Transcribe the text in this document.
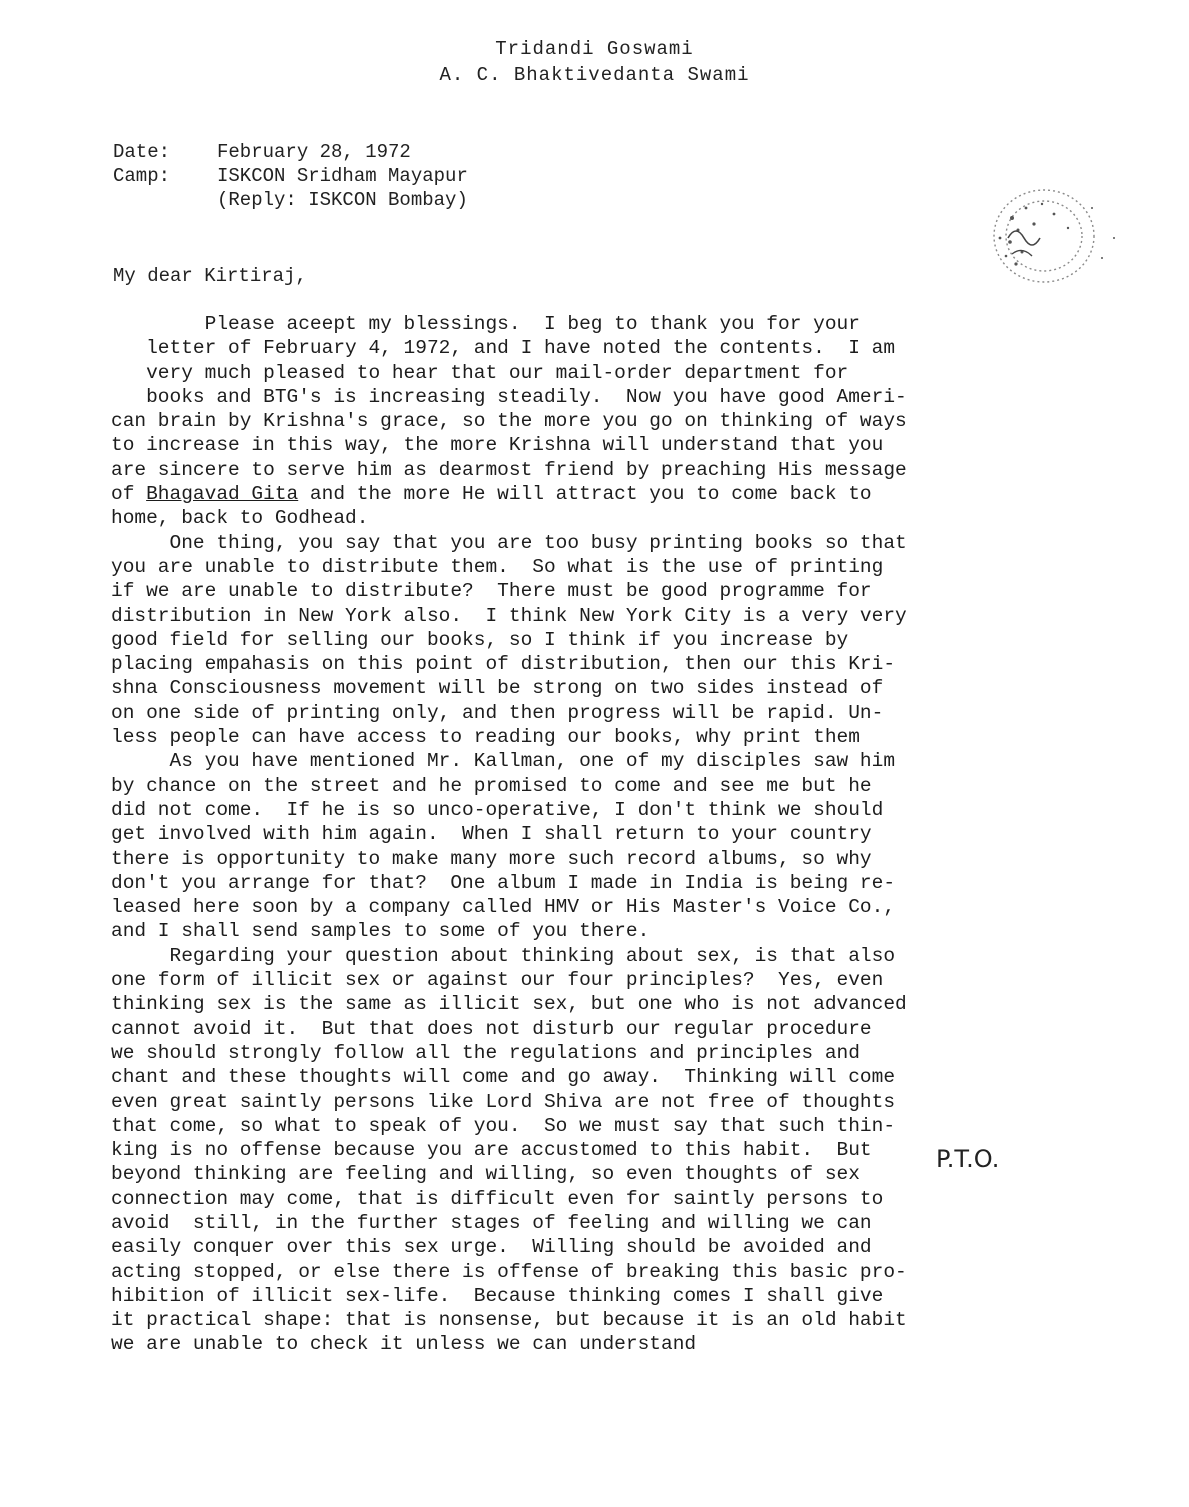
Tridandi Goswami
A. C. Bhaktivedanta Swami
Date: February 28, 1972
Camp: ISKCON Sridham Mayapur
(Reply: ISKCON Bombay)
My dear Kirtiraj,
Please aceept my blessings.  I beg to thank you for your
letter of February 4, 1972, and I have noted the contents.  I am
very much pleased to hear that our mail-order department for
books and BTG's is increasing steadily.  Now you have good Ameri-
can brain by Krishna's grace, so the more you go on thinking of ways
to increase in this way, the more Krishna will understand that you
are sincere to serve him as dearmost friend by preaching His message
of Bhagavad Gita and the more He will attract you to come back to
home, back to Godhead.
One thing, you say that you are too busy printing books so that
you are unable to distribute them.  So what is the use of printing
if we are unable to distribute?  There must be good programme for
distribution in New York also.  I think New York City is a very very
good field for selling our books, so I think if you increase by
placing empahasis on this point of distribution, then our this Kri-
shna Consciousness movement will be strong on two sides instead of
on one side of printing only, and then progress will be rapid. Un-
less people can have access to reading our books, why print them
As you have mentioned Mr. Kallman, one of my disciples saw him
by chance on the street and he promised to come and see me but he
did not come.  If he is so unco-operative, I don't think we should
get involved with him again.  When I shall return to your country
there is opportunity to make many more such record albums, so why
don't you arrange for that?  One album I made in India is being re-
leased here soon by a company called HMV or His Master's Voice Co.,
and I shall send samples to some of you there.
Regarding your question about thinking about sex, is that also
one form of illicit sex or against our four principles?  Yes, even
thinking sex is the same as illicit sex, but one who is not advanced
cannot avoid it.  But that does not disturb our regular procedure
we should strongly follow all the regulations and principles and
chant and these thoughts will come and go away.  Thinking will come
even great saintly persons like Lord Shiva are not free of thoughts
that come, so what to speak of you.  So we must say that such thin-
king is no offense because you are accustomed to this habit.  But
beyond thinking are feeling and willing, so even thoughts of sex
connection may come, that is difficult even for saintly persons to
avoid  still, in the further stages of feeling and willing we can
easily conquer over this sex urge.  Willing should be avoided and
acting stopped, or else there is offense of breaking this basic pro-
hibition of illicit sex-life.  Because thinking comes I shall give
it practical shape: that is nonsense, but because it is an old habit
we are unable to check it unless we can understand
P.T.O.
